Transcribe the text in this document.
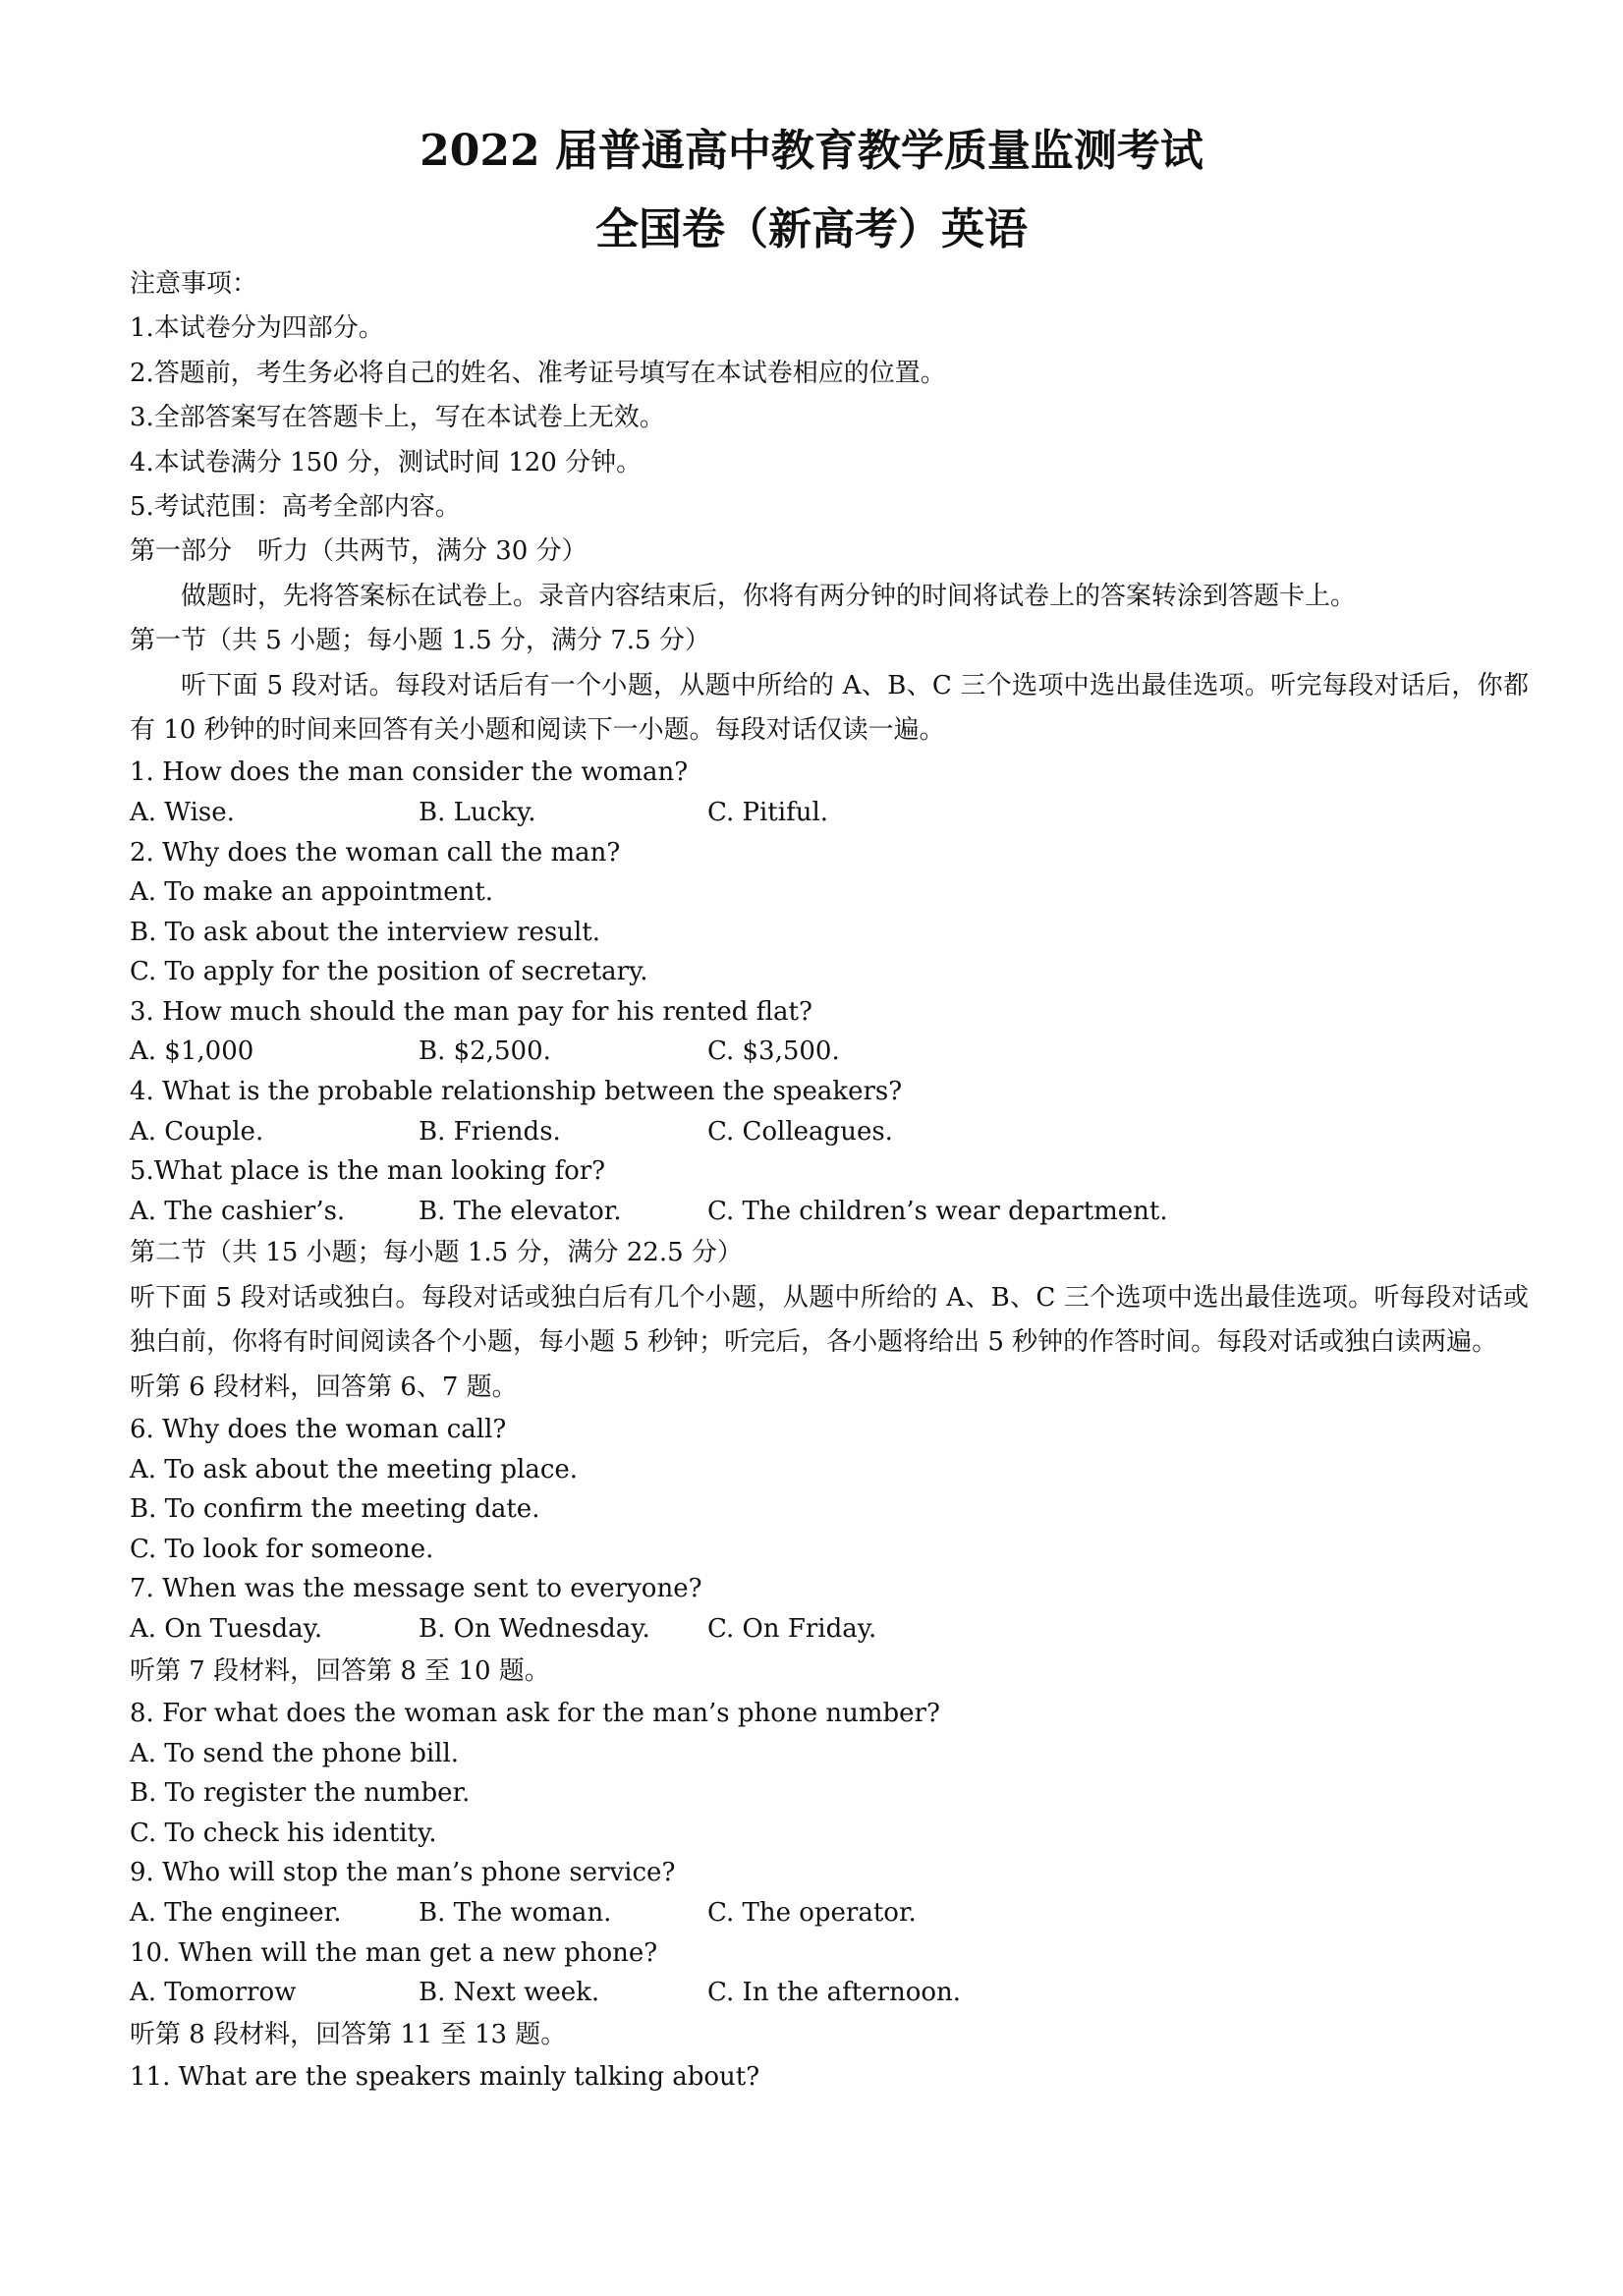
2022 届普通高中教育教学质量监测考试
全国卷（新高考）英语
注意事项：
1.本试卷分为四部分。
2.答题前，考生务必将自己的姓名、准考证号填写在本试卷相应的位置。
3.全部答案写在答题卡上，写在本试卷上无效。
4.本试卷满分 150 分，测试时间 120 分钟。
5.考试范围：高考全部内容。
第一部分　听力（共两节，满分 30 分）
做题时，先将答案标在试卷上。录音内容结束后，你将有两分钟的时间将试卷上的答案转涂到答题卡上。
第一节（共 5 小题；每小题 1.5 分，满分 7.5 分）
听下面 5 段对话。每段对话后有一个小题，从题中所给的 A、B、C 三个选项中选出最佳选项。听完每段对话后，你都有 10 秒钟的时间来回答有关小题和阅读下一小题。每段对话仅读一遍。
1. How does the man consider the woman?
A. Wise.	B. Lucky.	C. Pitiful.
2. Why does the woman call the man?
A. To make an appointment.
B. To ask about the interview result.
C. To apply for the position of secretary.
3. How much should the man pay for his rented flat?
A. $1,000	B. $2,500.	C. $3,500.
4. What is the probable relationship between the speakers?
A. Couple.	B. Friends.	C. Colleagues.
5.What place is the man looking for?
A. The cashier’s.	B. The elevator.	C. The children’s wear department.
第二节（共 15 小题；每小题 1.5 分，满分 22.5 分）
听下面 5 段对话或独白。每段对话或独白后有几个小题，从题中所给的 A、B、C 三个选项中选出最佳选项。听每段对话或独白前，你将有时间阅读各个小题，每小题 5 秒钟；听完后，各小题将给出 5 秒钟的作答时间。每段对话或独白读两遍。
听第 6 段材料，回答第 6、7 题。
6. Why does the woman call?
A. To ask about the meeting place.
B. To confirm the meeting date.
C. To look for someone.
7. When was the message sent to everyone?
A. On Tuesday.	B. On Wednesday. C. On Friday.
听第 7 段材料，回答第 8 至 10 题。
8. For what does the woman ask for the man’s phone number?
A. To send the phone bill.
B. To register the number.
C. To check his identity.
9. Who will stop the man’s phone service?
A. The engineer.	B. The woman.	C. The operator.
10. When will the man get a new phone?
A. Tomorrow	B. Next week.	C. In the afternoon.
听第 8 段材料，回答第 11 至 13 题。
11. What are the speakers mainly talking about?
